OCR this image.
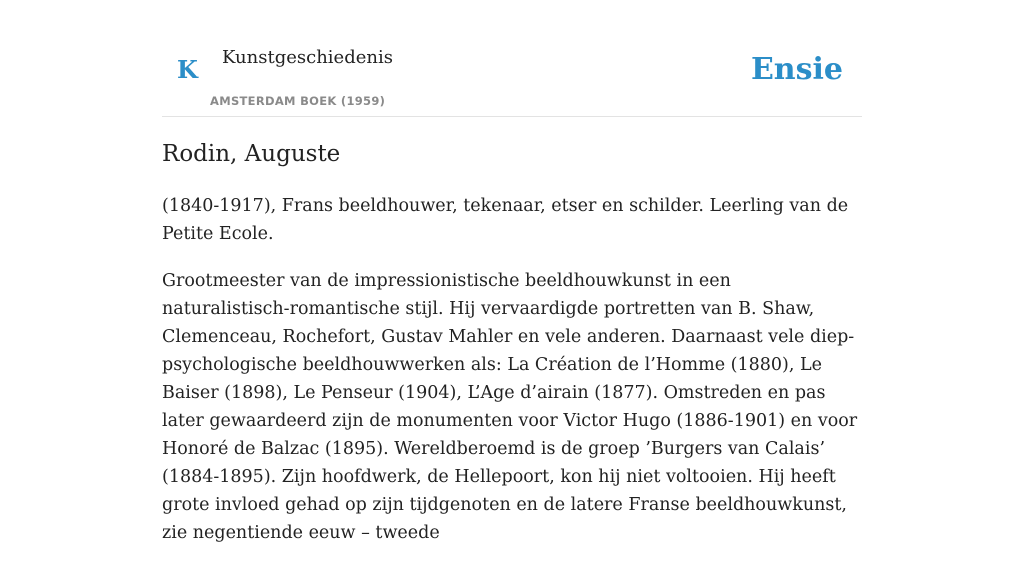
K Kunstgeschiedenis
AMSTERDAM BOEK (1959)
Ensie
Rodin, Auguste

(1840-1917), Frans beeldhouwer, tekenaar, etser en schilder. Leerling van de Petite Ecole.

Grootmeester van de impressionistische beeldhouwkunst in een naturalistisch-romantische stijl. Hij vervaardigde portretten van B. Shaw, Clemenceau, Rochefort, Gustav Mahler en vele anderen. Daarnaast vele diep-psychologische beeldhouwwerken als: La Création de l’Homme (1880), Le Baiser (1898), Le Penseur (1904), L’Age d’airain (1877). Omstreden en pas later gewaardeerd zijn de monumenten voor Victor Hugo (1886-1901) en voor Honoré de Balzac (1895). Wereldberoemd is de groep ’Burgers van Calais’ (1884-1895). Zijn hoofdwerk, de Hellepoort, kon hij niet voltooien. Hij heeft grote invloed gehad op zijn tijdgenoten en de latere Franse beeldhouwkunst, zie negentiende eeuw – tweede
